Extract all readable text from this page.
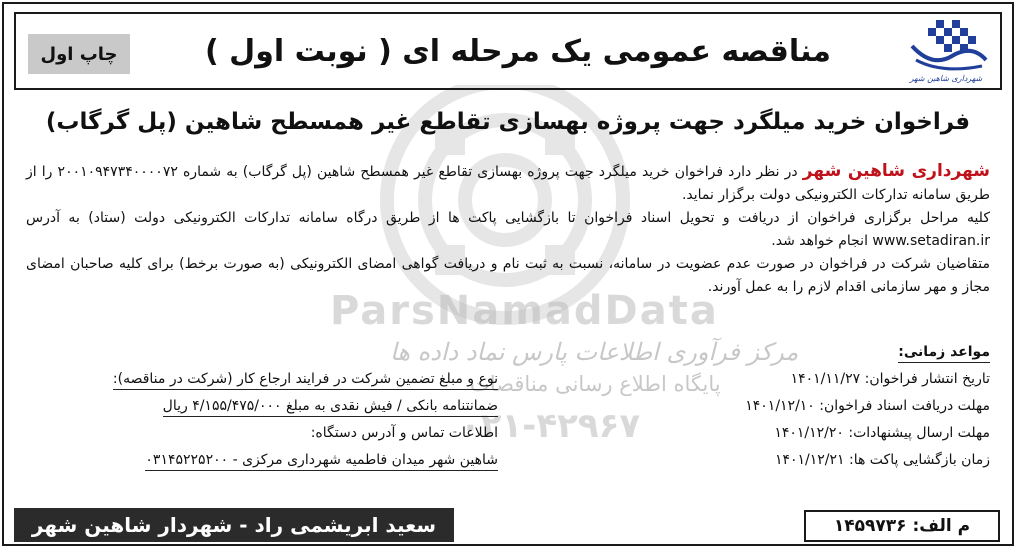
ParsNamadData
مرکز فرآوری اطلاعات پارس نماد داده ها
پایگاه اطلاع رسانی مناقصات
۰۲۱-۴۲۹۶۷
شهرداری شاهین شهر
مناقصه عمومی یک مرحله ای ( نوبت اول )
چاپ اول
فراخوان خرید میلگرد جهت پروژه بهسازی تقاطع غیر همسطح شاهین (پل گرگاب)

شهرداری شاهین شهر در نظر دارد فراخوان خرید میلگرد جهت پروژه بهسازی تقاطع غیر همسطح شاهین (پل گرگاب) به شماره ۲۰۰۱۰۹۴۷۳۴۰۰۰۰۷۲ را از طریق سامانه تدارکات الکترونیکی دولت برگزار نماید.

کلیه مراحل برگزاری فراخوان از دریافت و تحویل اسناد فراخوان تا بازگشایی پاکت ها از طریق درگاه سامانه تدارکات الکترونیکی دولت (ستاد) به آدرس www.setadiran.ir انجام خواهد شد.

متقاضیان شرکت در فراخوان در صورت عدم عضویت در سامانه، نسبت به ثبت نام و دریافت گواهی امضای الکترونیکی (به صورت برخط) برای کلیه صاحبان امضای مجاز و مهر سازمانی اقدام لازم را به عمل آورند.

مواعد زمانی:
تاریخ انتشار فراخوان: ۱۴۰۱/۱۱/۲۷
مهلت دریافت اسناد فراخوان: ۱۴۰۱/۱۲/۱۰
مهلت ارسال پیشنهادات: ۱۴۰۱/۱۲/۲۰
زمان بازگشایی پاکت ها: ۱۴۰۱/۱۲/۲۱
نوع و مبلغ تضمین شرکت در فرایند ارجاع کار (شرکت در مناقصه):
ضمانتنامه بانکی / فیش نقدی به مبلغ ۴/۱۵۵/۴۷۵/۰۰۰ ریال
اطلاعات تماس و آدرس دستگاه:
شاهین شهر میدان فاطمیه شهرداری مرکزی - ۰۳۱۴۵۲۲۵۲۰۰
سعید ابریشمی راد - شهردار شاهین شهر	م الف:
۱۴۵۹۷۳۶
